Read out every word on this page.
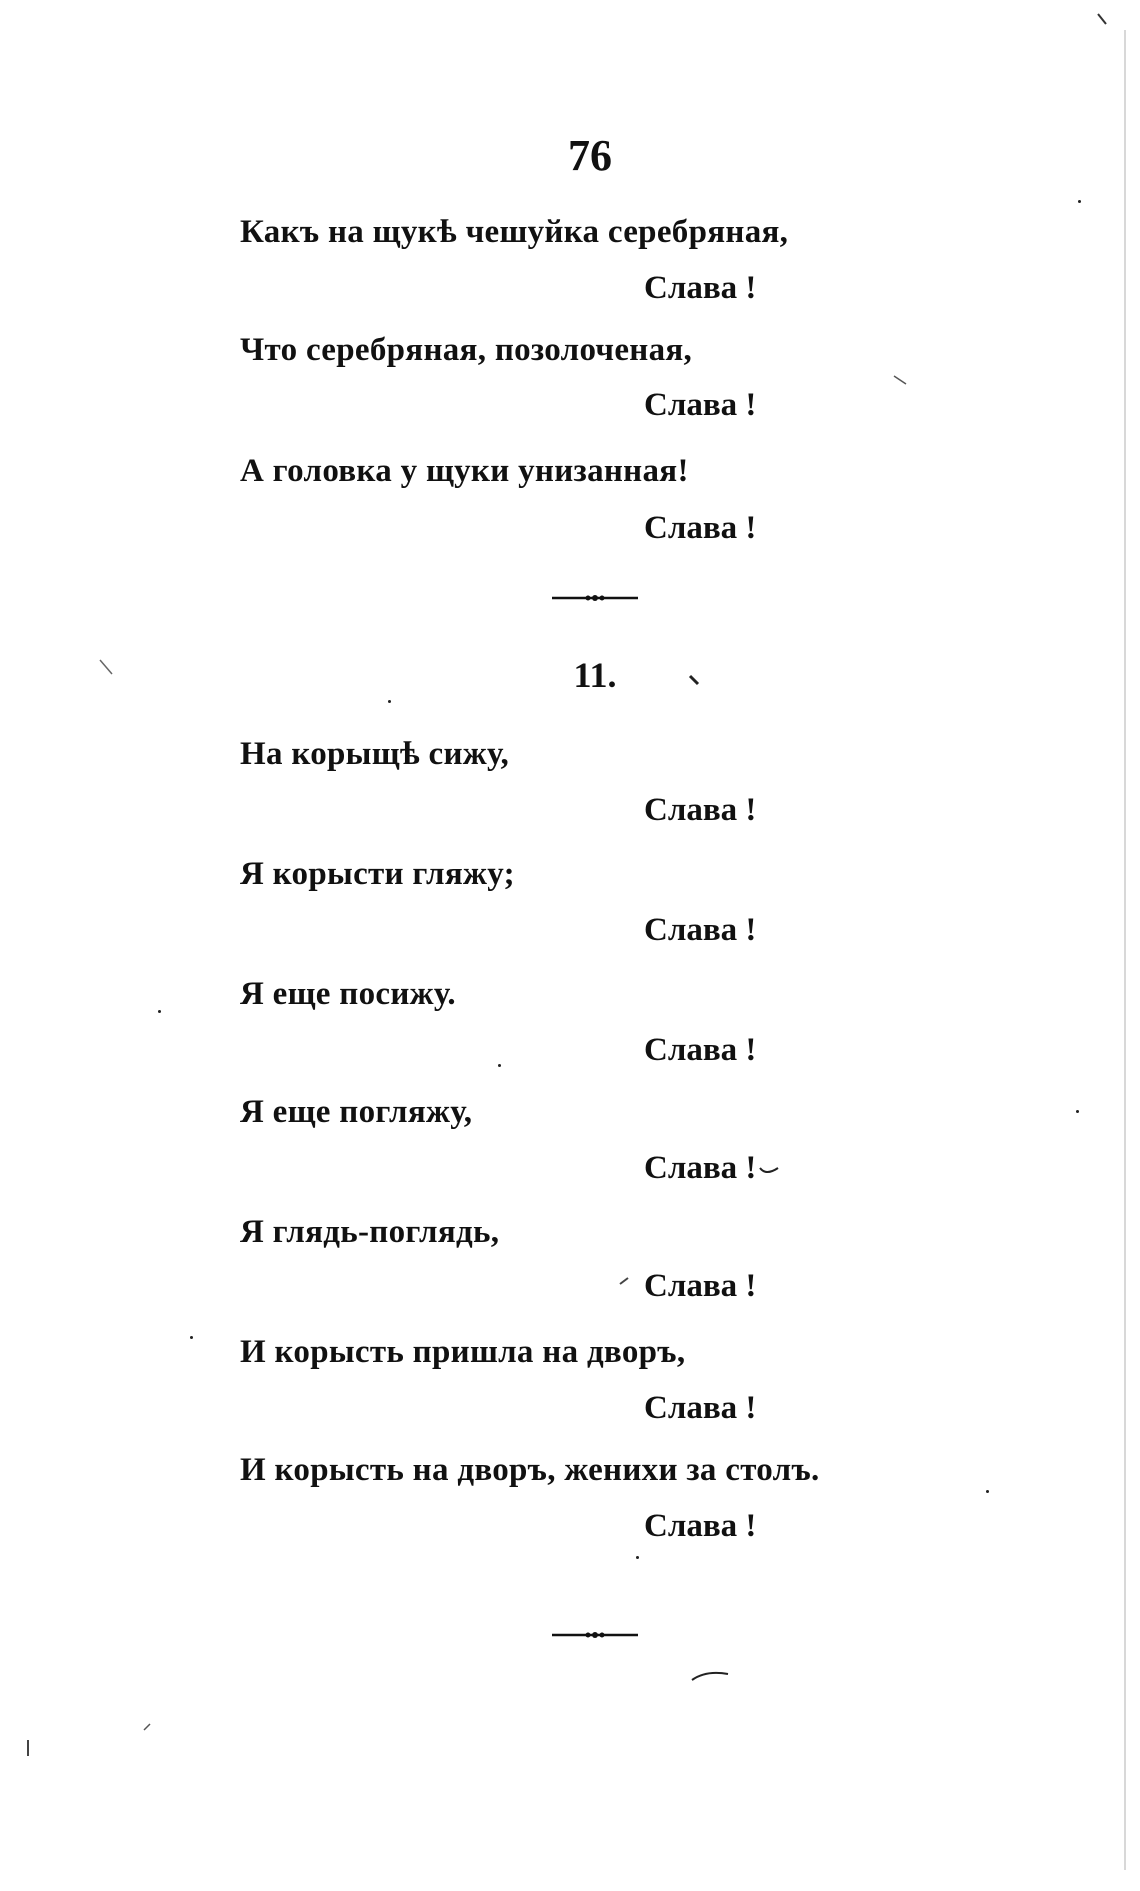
76
Какъ на щукѣ чешуйка серебряная,
Слава !
Что серебряная, позолоченая,
Слава !
А головка у щуки унизанная!
Слава !
11.
На корыщѣ сижу,
Слава !
Я корысти гляжу;
Слава !
Я еще посижу.
Слава !
Я еще погляжу,
Слава !
Я глядь-поглядь,
Слава !
И корысть пришла на дворъ,
Слава !
И корысть на дворъ, женихи за столъ.
Слава !
